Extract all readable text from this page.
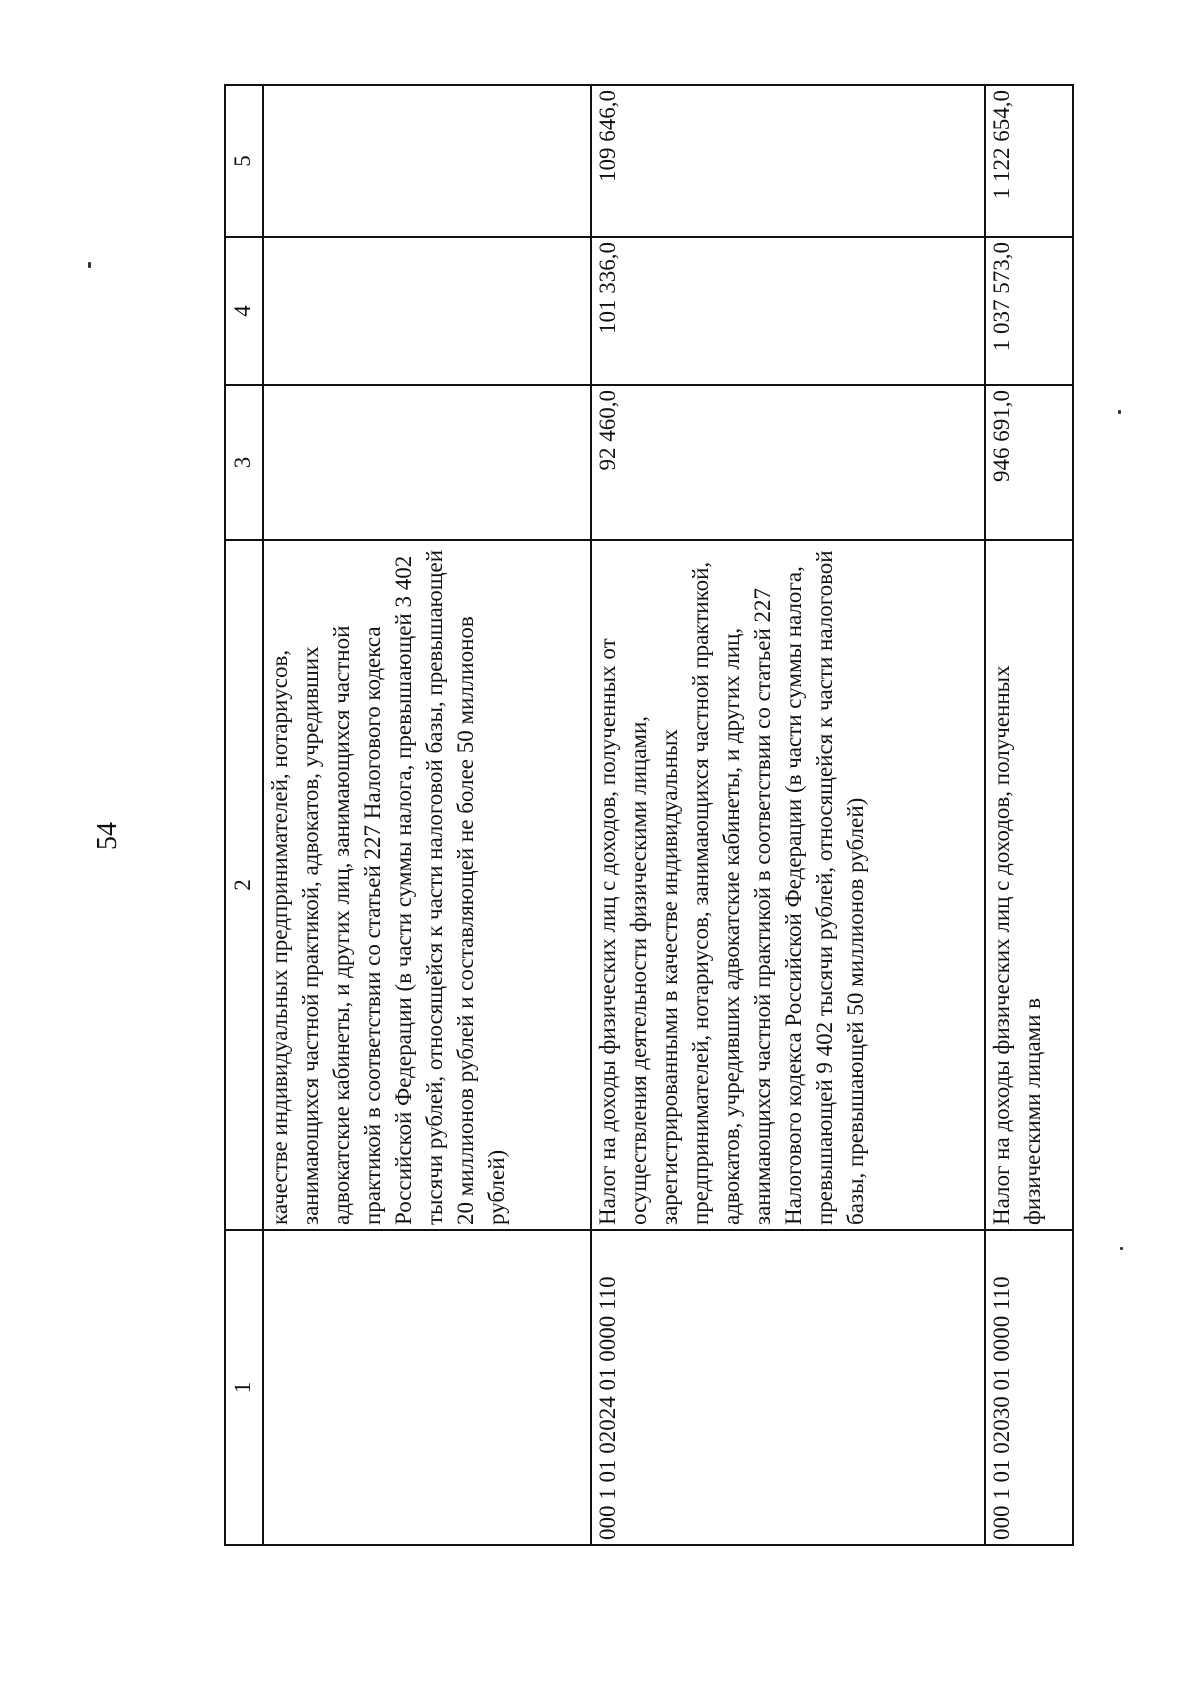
54
1	2	3	4	5
	качестве индивидуальных предпринимателей, нотариусов, занимающихся частной практикой, адвокатов, учредивших адвокатские кабинеты, и других лиц, занимающихся частной практикой в соответствии со статьей 227 Налогового кодекса Российской Федерации (в части суммы налога, превышающей 3 402 тысячи рублей, относящейся к части налоговой базы, превышающей 20 миллионов рублей и составляющей не более 50 миллионов рублей)			
000 1 01 02024 01 0000 110	Налог на доходы физических лиц с доходов, полученных от осуществления деятельности физическими лицами, зарегистрированными в качестве индивидуальных предпринимателей, нотариусов, занимающихся частной практикой, адвокатов, учредивших адвокатские кабинеты, и других лиц, занимающихся частной практикой в соответствии со статьей 227 Налогового кодекса Российской Федерации (в части суммы налога, превышающей 9 402 тысячи рублей, относящейся к части налоговой базы, превышающей 50 миллионов рублей)	92 460,0	101 336,0	109 646,0
000 1 01 02030 01 0000 110	Налог на доходы физических лиц с доходов, полученных физическими лицами в	946 691,0	1 037 573,0	1 122 654,0
